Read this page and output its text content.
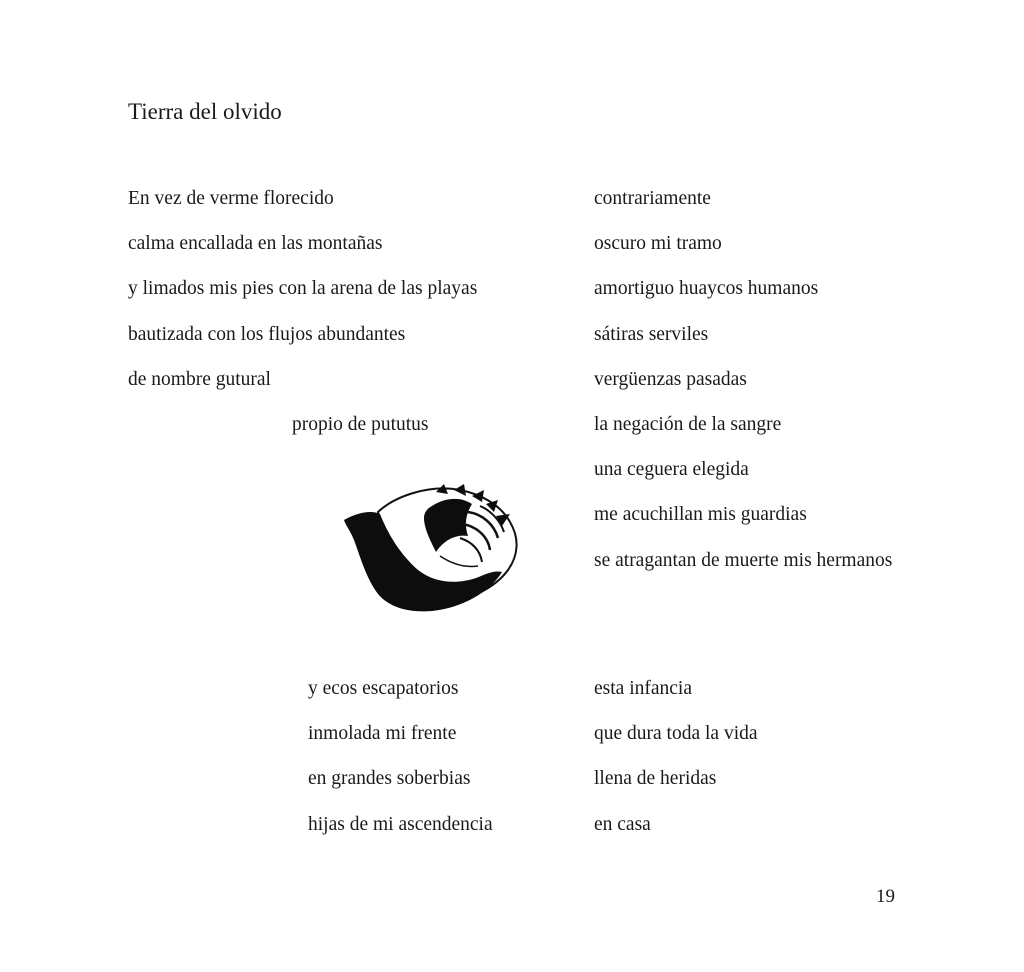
Tierra del olvido
En vez de verme florecido
calma encallada en las montañas
y limados mis pies con la arena de las playas
bautizada con los flujos abundantes
de nombre gutural
propio de pututus
contrariamente
oscuro mi tramo
amortiguo huaycos humanos
sátiras serviles
vergüenzas pasadas
la negación de la sangre
una ceguera elegida
me acuchillan mis guardias
se atragantan de muerte mis hermanos
y ecos escapatorios
inmolada mi frente
en grandes soberbias
hijas de mi ascendencia
esta infancia
que dura toda la vida
llena de heridas
en casa
19
